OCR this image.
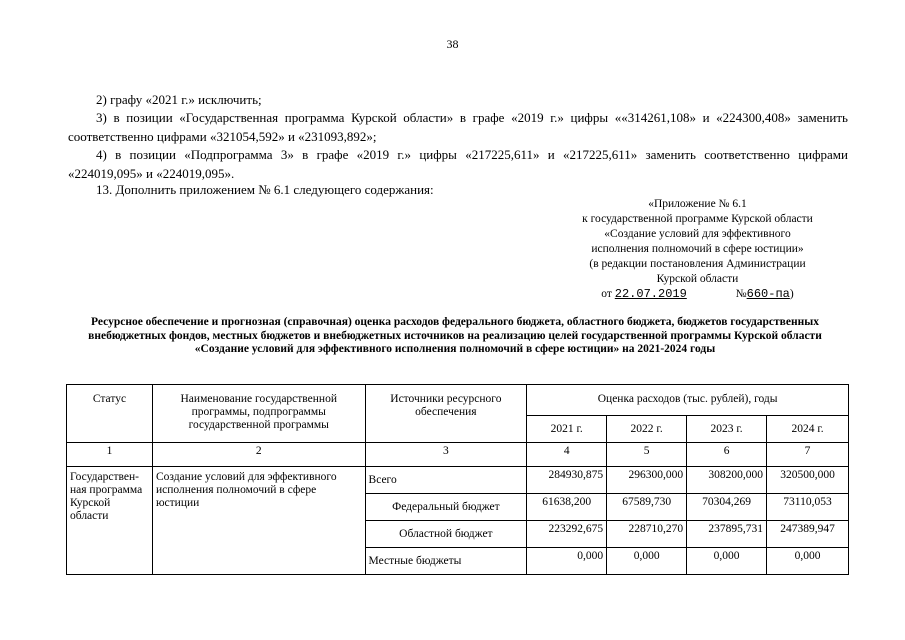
38
2) графу «2021 г.» исключить;
3) в позиции «Государственная программа Курской области» в графе «2019 г.» цифры ««314261,108» и «224300,408» заменить соответственно цифрами «321054,592» и «231093,892»;
4) в позиции «Подпрограмма 3» в графе «2019 г.» цифры «217225,611» и «217225,611» заменить соответственно цифрами «224019,095» и «224019,095».
13. Дополнить приложением № 6.1 следующего содержания:
«Приложение № 6.1
к государственной программе Курской области
«Создание условий для эффективного
исполнения полномочий в сфере юстиции»
(в редакции постановления Администрации
Курской области
от 22.07.2019	№660-па)
Ресурсное обеспечение и прогнозная (справочная) оценка расходов федерального бюджета, областного бюджета, бюджетов государственных внебюджетных фондов, местных бюджетов и внебюджетных источников на реализацию целей государственной программы Курской области «Создание условий для эффективного исполнения полномочий в сфере юстиции» на 2021-2024 годы
Статус	Наименование государственной программы, подпрограммы государственной программы	Источники ресурсного обеспечения	Оценка расходов (тыс. рублей), годы			
			2021 г.	2022 г.	2023 г.	2024 г.
1	2	3	4	5	6	7
Государствен-ная программа Курской области	Создание условий для эффективного исполнения полномочий в сфере юстиции	Всего	284930,875	296300,000	308200,000	320500,000
		Федеральный бюджет	61638,200	67589,730	70304,269	73110,053
		Областной бюджет	223292,675	228710,270	237895,731	247389,947
		Местные бюджеты	0,000	0,000	0,000	0,000
